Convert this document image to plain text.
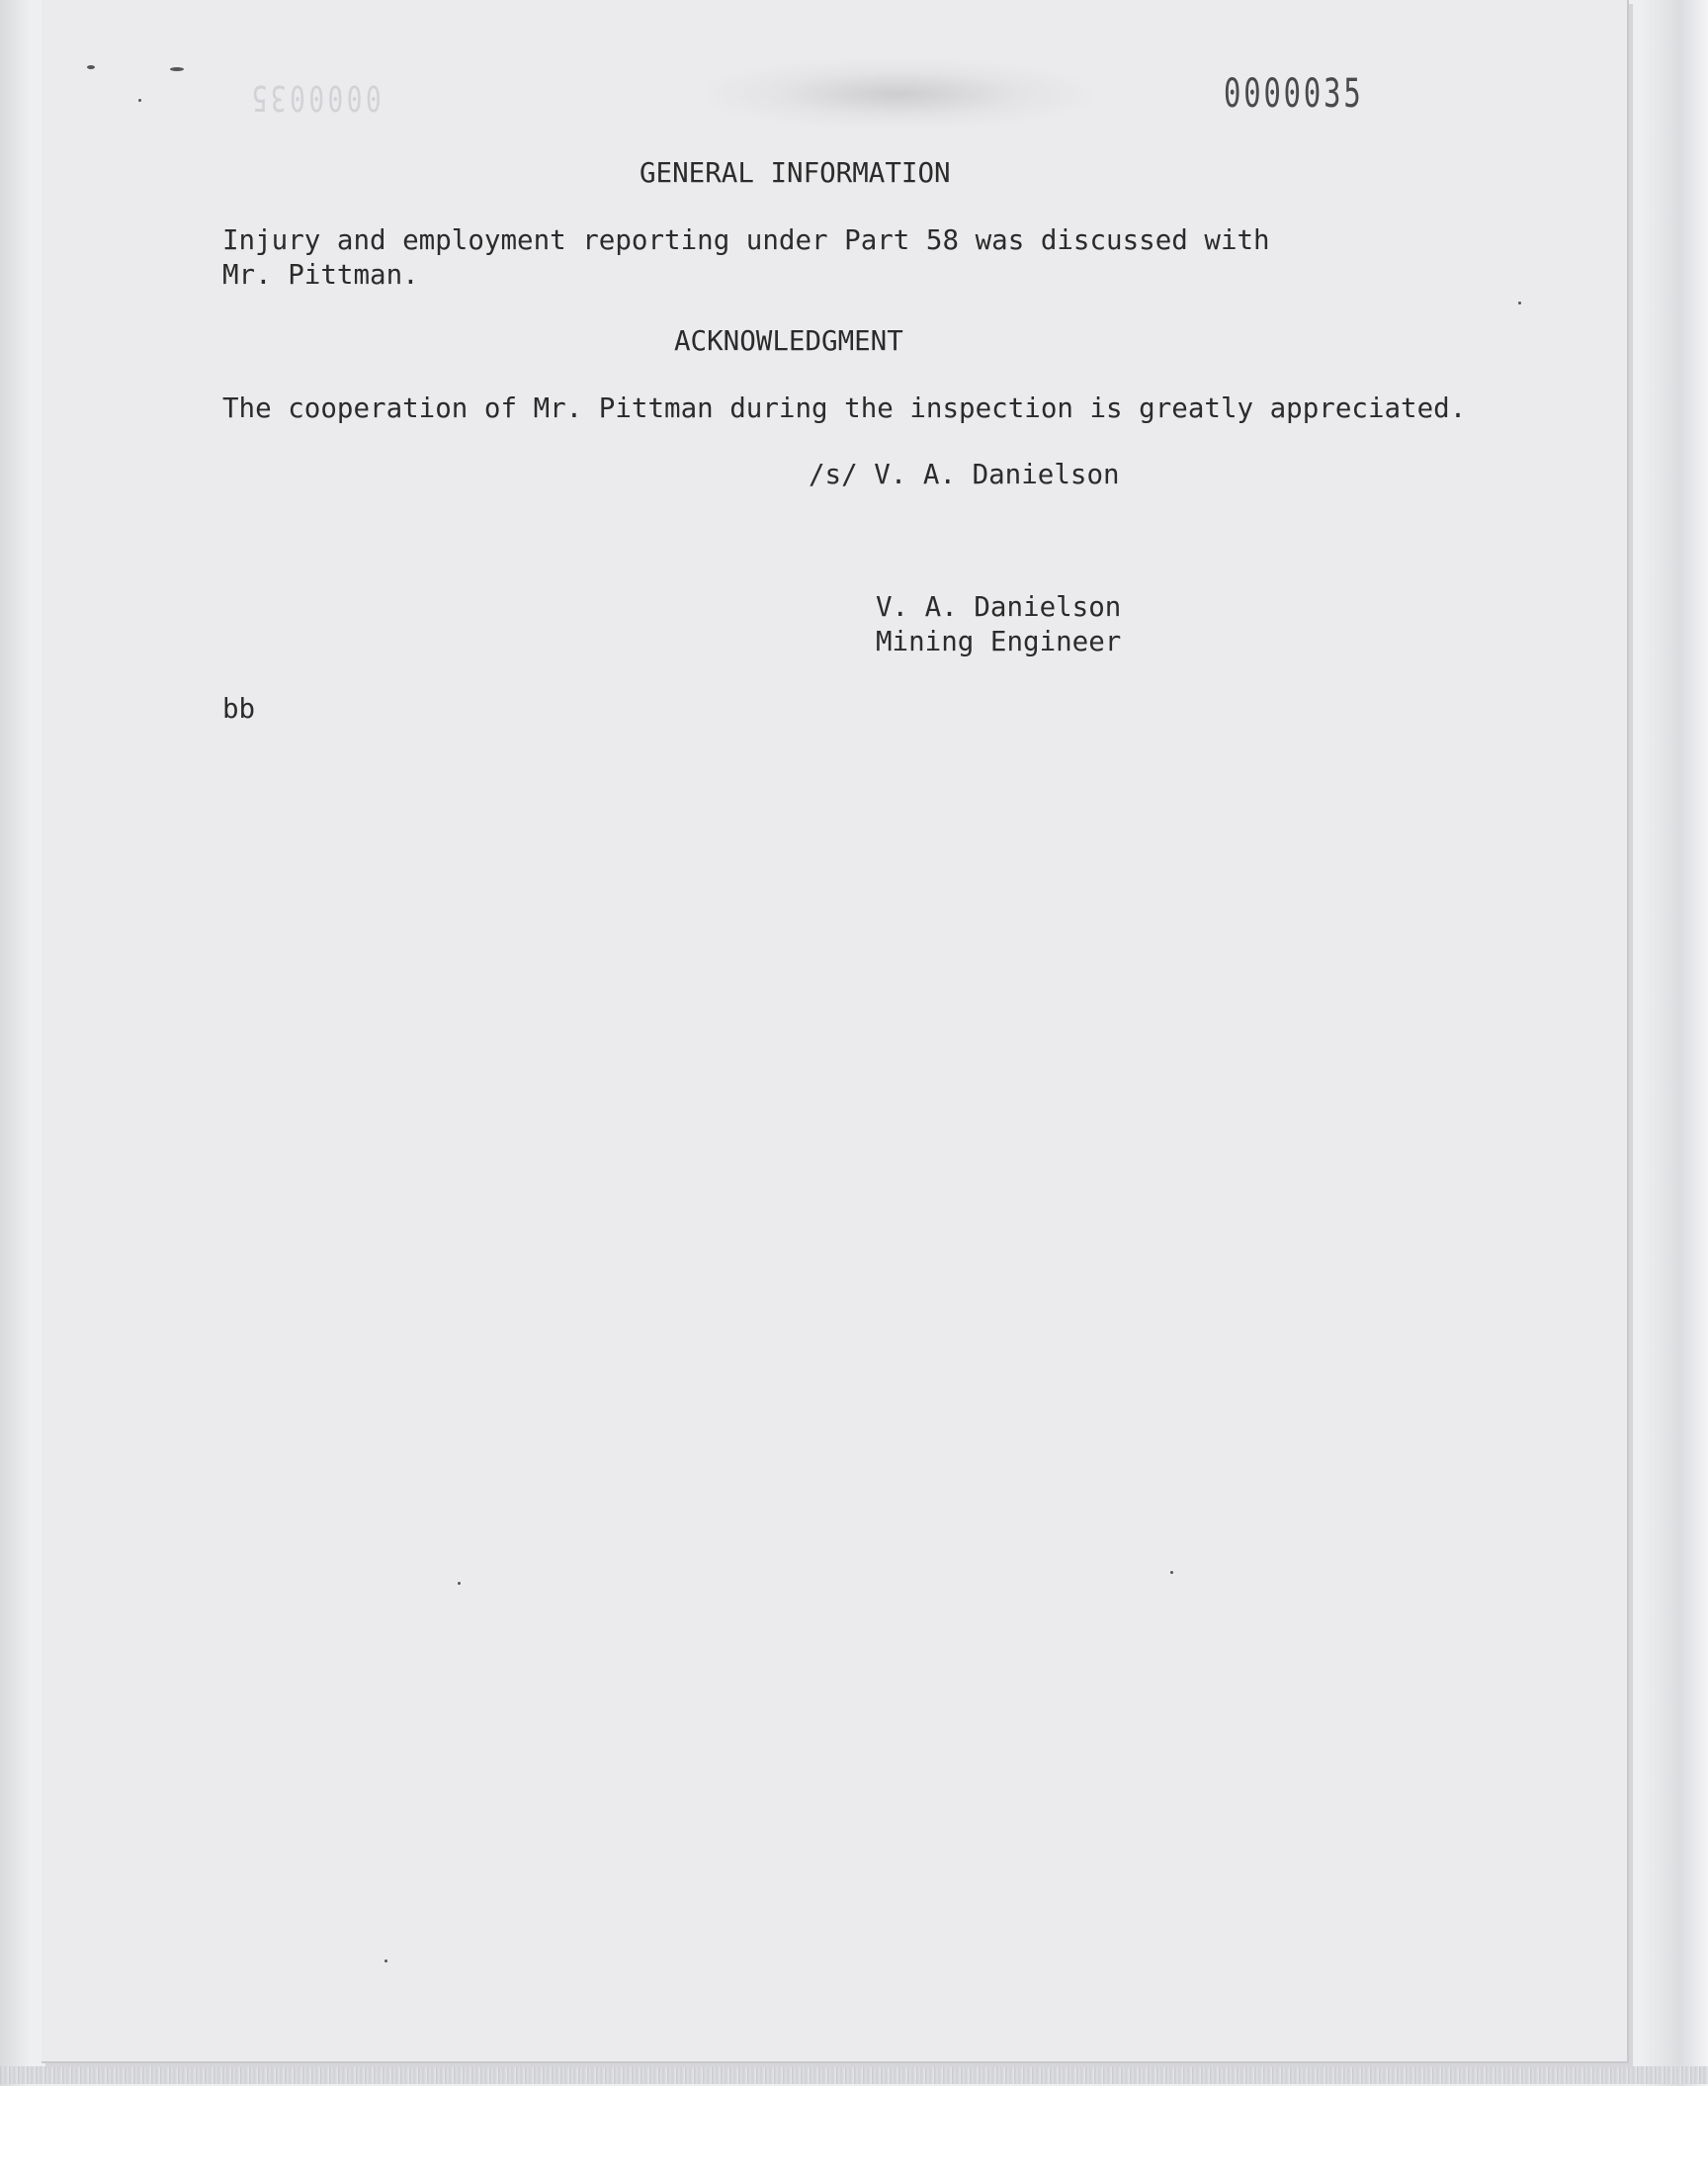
0000035	0000035

GENERAL INFORMATION

Injury and employment reporting under Part 58 was discussed with

Mr. Pittman.

ACKNOWLEDGMENT

The cooperation of Mr. Pittman during the inspection is greatly appreciated.

/s/ V. A. Danielson

V. A. Danielson

Mining Engineer

bb
